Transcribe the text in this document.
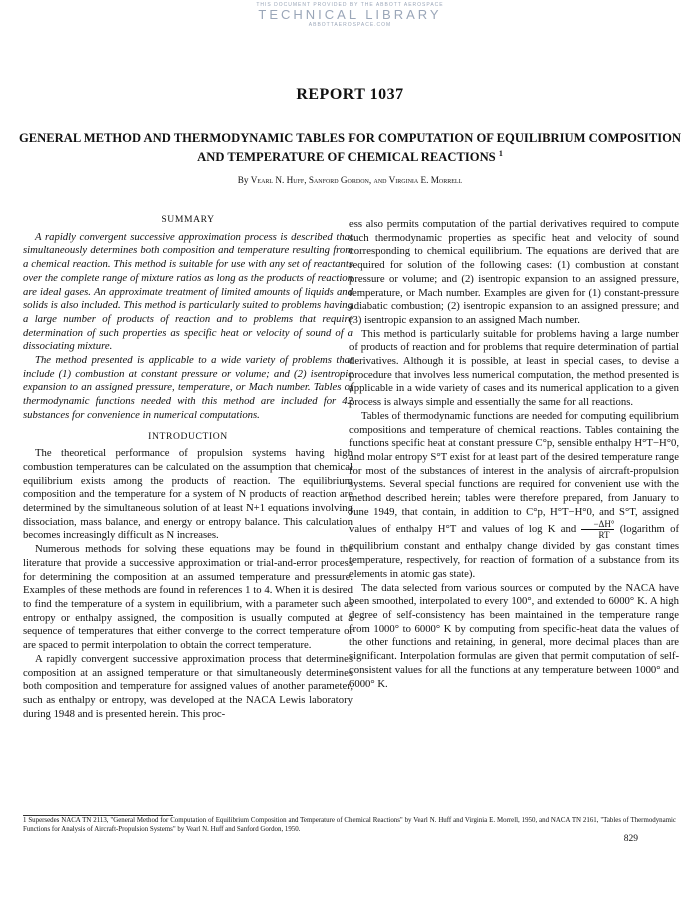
THIS DOCUMENT PROVIDED BY THE ABBOTT AEROSPACE
TECHNICAL LIBRARY
ABBOTTAEROSPACE.COM
REPORT 1037
GENERAL METHOD AND THERMODYNAMIC TABLES FOR COMPUTATION OF EQUILIBRIUM COMPOSITION AND TEMPERATURE OF CHEMICAL REACTIONS $^1$
By Vearl N. Huff, Sanford Gordon, and Virginia E. Morrell
SUMMARY

A rapidly convergent successive approximation process is described that simultaneously determines both composition and temperature resulting from a chemical reaction. This method is suitable for use with any set of reactants over the complete range of mixture ratios as long as the products of reaction are ideal gases. An approximate treatment of limited amounts of liquids and solids is also included. This method is particularly suited to problems having a large number of products of reaction and to problems that require determination of such properties as specific heat or velocity of sound of a dissociating mixture.

The method presented is applicable to a wide variety of problems that include (1) combustion at constant pressure or volume; and (2) isentropic expansion to an assigned pressure, temperature, or Mach number. Tables of thermodynamic functions needed with this method are included for 42 substances for convenience in numerical computations.

INTRODUCTION

The theoretical performance of propulsion systems having high combustion temperatures can be calculated on the assumption that chemical equilibrium exists among the products of reaction. The equilibrium composition and the temperature for a system of N products of reaction are determined by the simultaneous solution of at least N+1 equations involving dissociation, mass balance, and energy or entropy balance. This calculation becomes increasingly difficult as N increases.

Numerous methods for solving these equations may be found in the literature that provide a successive approximation or trial-and-error process for determining the composition at an assumed temperature and pressure. Examples of these methods are found in references 1 to 4. When it is desired to find the temperature of a system in equilibrium, with a parameter such as entropy or enthalpy assigned, the composition is usually computed at a sequence of temperatures that either converge to the correct temperature or are spaced to permit interpolation to obtain the correct temperature.

A rapidly convergent successive approximation process that determines composition at an assigned temperature or that simultaneously determines both composition and temperature for assigned values of another parameter, such as enthalpy or entropy, was developed at the NACA Lewis laboratory during 1948 and is presented herein. This proc-

ess also permits computation of the partial derivatives required to compute such thermodynamic properties as specific heat and velocity of sound corresponding to chemical equilibrium. The equations are derived that are required for solution of the following cases: (1) combustion at constant pressure or volume; and (2) isentropic expansion to an assigned pressure, temperature, or Mach number. Examples are given for (1) constant-pressure adiabatic combustion; (2) isentropic expansion to an assigned pressure; and (3) isentropic expansion to an assigned Mach number.

This method is particularly suitable for problems having a large number of products of reaction and for problems that require determination of partial derivatives. Although it is possible, at least in special cases, to devise a procedure that involves less numerical computation, the method presented is applicable in a wide variety of cases and its numerical application to a given process is always simple and essentially the same for all reactions.

Tables of thermodynamic functions are needed for computing equilibrium compositions and temperature of chemical reactions. Tables containing the functions specific heat at constant pressure C°p, sensible enthalpy H°T−H°0, and molar entropy S°T exist for at least part of the desired temperature range for most of the substances of interest in the analysis of aircraft-propulsion systems. Several special functions are required for convenient use with the method described herein; tables were therefore prepared, from January to June 1949, that contain, in addition to C°p, H°T−H°0, and S°T, assigned values of enthalpy H°T and values of log K and $\frac{-\Delta H^\circ}{RT}$ (logarithm of equilibrium constant and enthalpy change divided by gas constant times temperature, respectively, for reaction of formation of a substance from its elements in atomic gas state).

The data selected from various sources or computed by the NACA have been smoothed, interpolated to every 100°, and extended to 6000° K. A high degree of self-consistency has been maintained in the temperature range from 1000° to 6000° K by computing from specific-heat data the values of the other functions and retaining, in general, more decimal places than are significant. Interpolation formulas are given that permit computation of self-consistent values for all the functions at any temperature between 1000° and 6000° K.

1 Supersedes NACA TN 2113, "General Method for Computation of Equilibrium Composition and Temperature of Chemical Reactions" by Vearl N. Huff and Virginia E. Morrell, 1950, and NACA TN 2161, "Tables of Thermodynamic Functions for Analysis of Aircraft-Propulsion Systems" by Vearl N. Huff and Sanford Gordon, 1950.
829
